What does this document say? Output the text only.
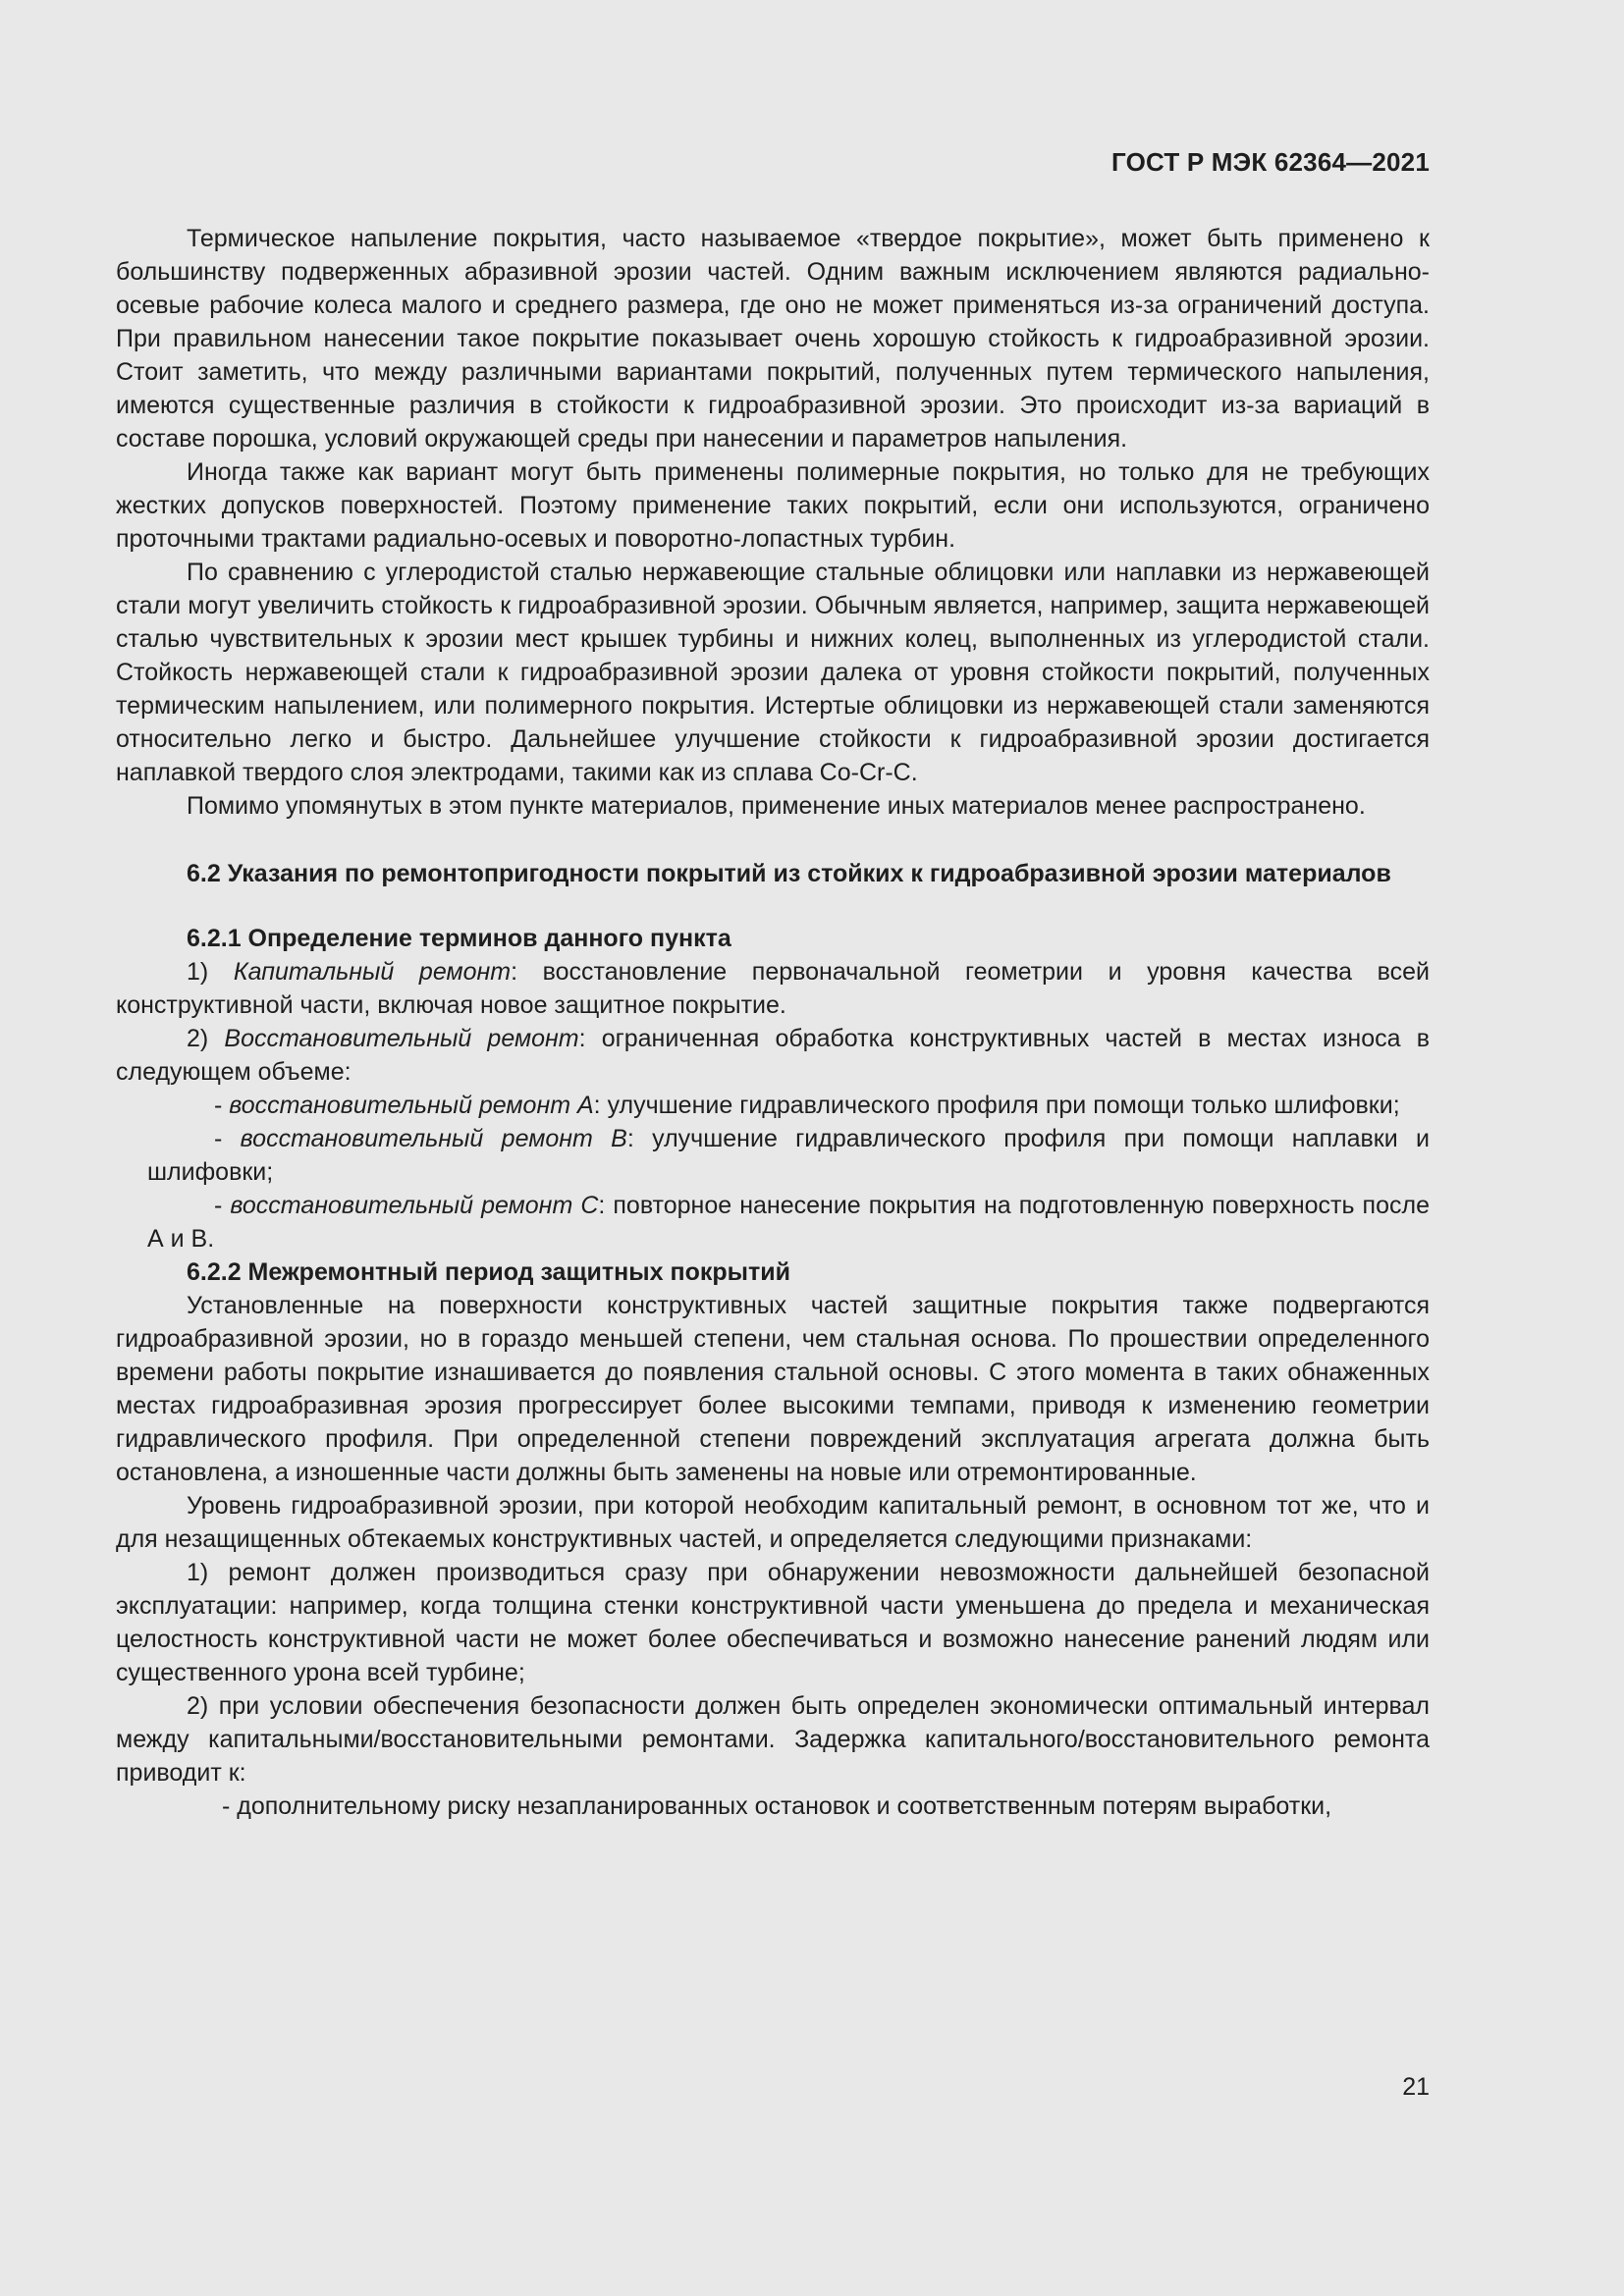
ГОСТ Р МЭК 62364—2021

Термическое напыление покрытия, часто называемое «твердое покрытие», может быть применено к большинству подверженных абразивной эрозии частей. Одним важным исключением являются радиально-осевые рабочие колеса малого и среднего размера, где оно не может применяться из-за ограничений доступа. При правильном нанесении такое покрытие показывает очень хорошую стойкость к гидроабразивной эрозии. Стоит заметить, что между различными вариантами покрытий, полученных путем термического напыления, имеются существенные различия в стойкости к гидроабразивной эрозии. Это происходит из-за вариаций в составе порошка, условий окружающей среды при нанесении и параметров напыления.

Иногда также как вариант могут быть применены полимерные покрытия, но только для не требующих жестких допусков поверхностей. Поэтому применение таких покрытий, если они используются, ограничено проточными трактами радиально-осевых и поворотно-лопастных турбин.

По сравнению с углеродистой сталью нержавеющие стальные облицовки или наплавки из нержавеющей стали могут увеличить стойкость к гидроабразивной эрозии. Обычным является, например, защита нержавеющей сталью чувствительных к эрозии мест крышек турбины и нижних колец, выполненных из углеродистой стали. Стойкость нержавеющей стали к гидроабразивной эрозии далека от уровня стойкости покрытий, полученных термическим напылением, или полимерного покрытия. Истертые облицовки из нержавеющей стали заменяются относительно легко и быстро. Дальнейшее улучшение стойкости к гидроабразивной эрозии достигается наплавкой твердого слоя электродами, такими как из сплава Co-Cr-C.

Помимо упомянутых в этом пункте материалов, применение иных материалов менее распространено.

6.2 Указания по ремонтопригодности покрытий из стойких к гидроабразивной эрозии материалов
6.2.1 Определение терминов данного пункта

1) Капитальный ремонт: восстановление первоначальной геометрии и уровня качества всей конструктивной части, включая новое защитное покрытие.

2) Восстановительный ремонт: ограниченная обработка конструктивных частей в местах износа в следующем объеме:

- восстановительный ремонт А: улучшение гидравлического профиля при помощи только шлифовки;

- восстановительный ремонт В: улучшение гидравлического профиля при помощи наплавки и шлифовки;

- восстановительный ремонт С: повторное нанесение покрытия на подготовленную поверхность после А и В.

6.2.2 Межремонтный период защитных покрытий

Установленные на поверхности конструктивных частей защитные покрытия также подвергаются гидроабразивной эрозии, но в гораздо меньшей степени, чем стальная основа. По прошествии определенного времени работы покрытие изнашивается до появления стальной основы. С этого момента в таких обнаженных местах гидроабразивная эрозия прогрессирует более высокими темпами, приводя к изменению геометрии гидравлического профиля. При определенной степени повреждений эксплуатация агрегата должна быть остановлена, а изношенные части должны быть заменены на новые или отремонтированные.

Уровень гидроабразивной эрозии, при которой необходим капитальный ремонт, в основном тот же, что и для незащищенных обтекаемых конструктивных частей, и определяется следующими признаками:

1) ремонт должен производиться сразу при обнаружении невозможности дальнейшей безопасной эксплуатации: например, когда толщина стенки конструктивной части уменьшена до предела и механическая целостность конструктивной части не может более обеспечиваться и возможно нанесение ранений людям или существенного урона всей турбине;

2) при условии обеспечения безопасности должен быть определен экономически оптимальный интервал между капитальными/восстановительными ремонтами. Задержка капитального/восстановительного ремонта приводит к:

- дополнительному риску незапланированных остановок и соответственным потерям выработки,

21
